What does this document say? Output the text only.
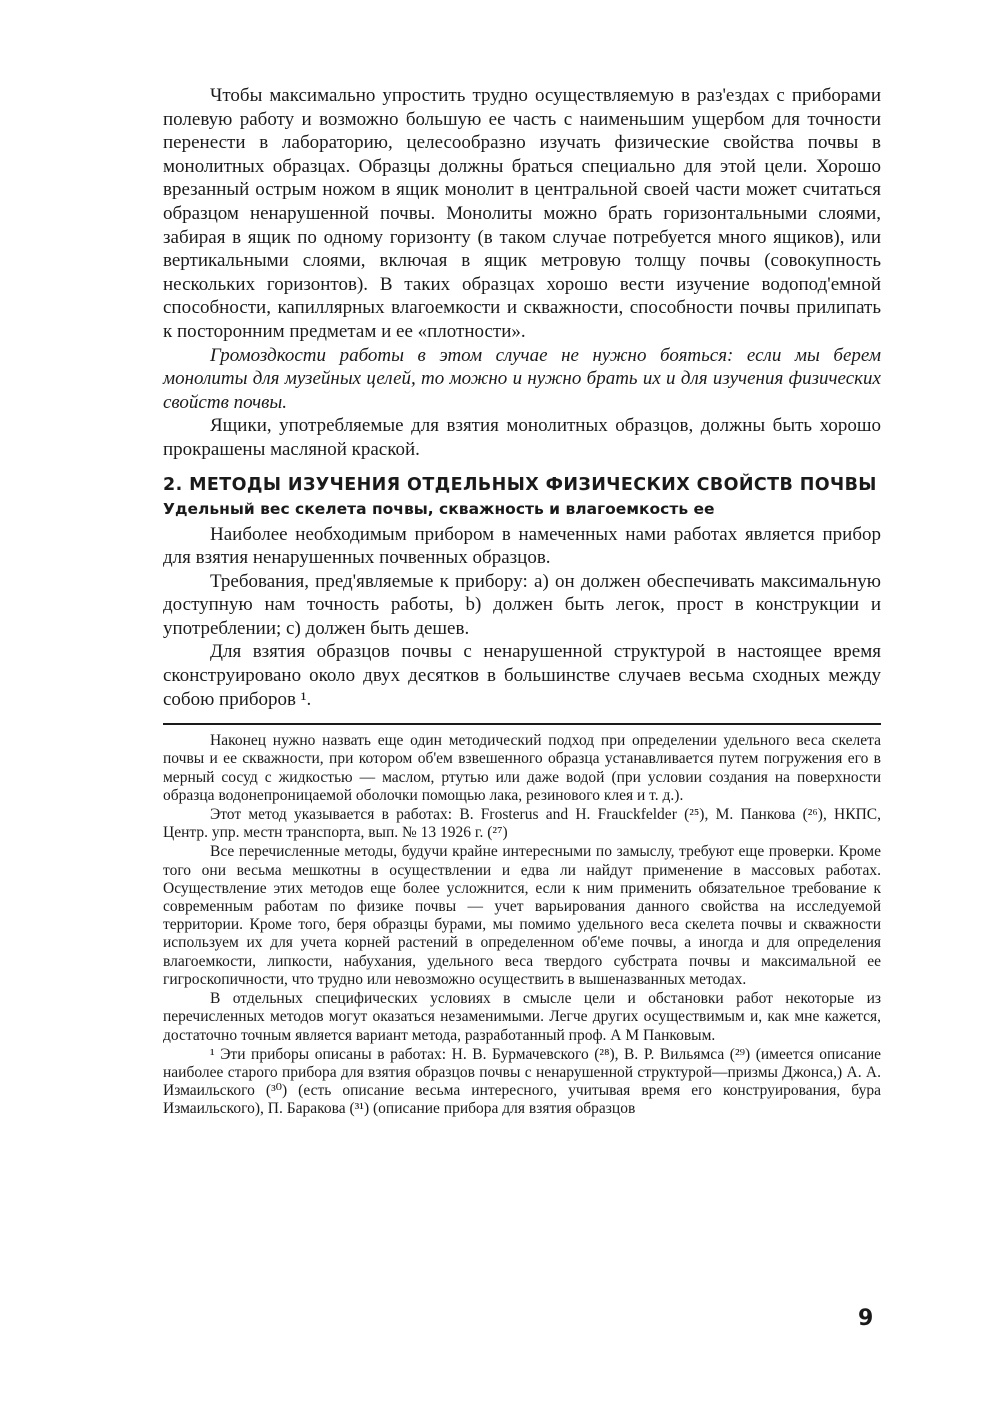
Чтобы максимально упростить трудно осуществляемую в раз'ездах с приборами полевую работу и возможно большую ее часть с наименьшим ущербом для точности перенести в лабораторию, целесообразно изучать физические свойства почвы в монолитных образцах. Образцы должны браться специально для этой цели. Хорошо врезанный острым ножом в ящик монолит в центральной своей части может считаться образцом ненарушенной почвы. Монолиты можно брать горизонтальными слоями, забирая в ящик по одному горизонту (в таком случае потребуется много ящиков), или вертикальными слоями, включая в ящик метровую толщу почвы (совокупность нескольких горизонтов). В таких образцах хорошо вести изучение водопод'емной способности, капиллярных влагоемкости и скважности, способности почвы прилипать к посторонним предметам и ее «плотности».

Громоздкости работы в этом случае не нужно бояться: если мы берем монолиты для музейных целей, то можно и нужно брать их и для изучения физических свойств почвы.

Ящики, употребляемые для взятия монолитных образцов, должны быть хорошо прокрашены масляной краской.

2. МЕТОДЫ ИЗУЧЕНИЯ ОТДЕЛЬНЫХ ФИЗИЧЕСКИХ СВОЙСТВ ПОЧВЫ
Удельный вес скелета почвы, скважность и влагоемкость ее

Наиболее необходимым прибором в намеченных нами работах является прибор для взятия ненарушенных почвенных образцов.

Требования, пред'являемые к прибору: а) он должен обеспечивать максимальную доступную нам точность работы, b) должен быть легок, прост в конструкции и употреблении; с) должен быть дешев.

Для взятия образцов почвы с ненарушенной структурой в настоящее время сконструировано около двух десятков в большинстве случаев весьма сходных между собою приборов ¹.

Наконец нужно назвать еще один методический подход при определении удельного веса скелета почвы и ее скважности, при котором об'ем взвешенного образца устанавливается путем погружения его в мерный сосуд с жидкостью — маслом, ртутью или даже водой (при условии создания на поверхности образца водонепроницаемой оболочки помощью лака, резинового клея и т. д.).

Этот метод указывается в работах: В. Frosterus and H. Frauckfelder (²⁵), М. Панкова (²⁶), НКПС, Центр. упр. местн транспорта, вып. № 13 1926 г. (²⁷)

Все перечисленные методы, будучи крайне интересными по замыслу, требуют еще проверки. Кроме того они весьма мешкотны в осуществлении и едва ли найдут применение в массовых работах. Осуществление этих методов еще более усложнится, если к ним применить обязательное требование к современным работам по физике почвы — учет варьирования данного свойства на исследуемой территории. Кроме того, беря образцы бурами, мы помимо удельного веса скелета почвы и скважности используем их для учета корней растений в определенном об'еме почвы, а иногда и для определения влагоемкости, липкости, набухания, удельного веса твердого субстрата почвы и максимальной ее гигроскопичности, что трудно или невозможно осуществить в вышеназванных методах.

В отдельных специфических условиях в смысле цели и обстановки работ некоторые из перечисленных методов могут оказаться незаменимыми. Легче других осуществимым и, как мне кажется, достаточно точным является вариант метода, разработанный проф. А М Панковым.

¹ Эти приборы описаны в работах: Н. В. Бурмачевского (²⁸), В. Р. Вильямса (²⁹) (имеется описание наиболее старого прибора для взятия образцов почвы с ненарушенной структурой—призмы Джонса,) А. А. Измаильского (³⁰) (есть описание весьма интересного, учитывая время его конструирования, бура Измаильского), П. Баракова (³¹) (описание прибора для взятия образцов

9
